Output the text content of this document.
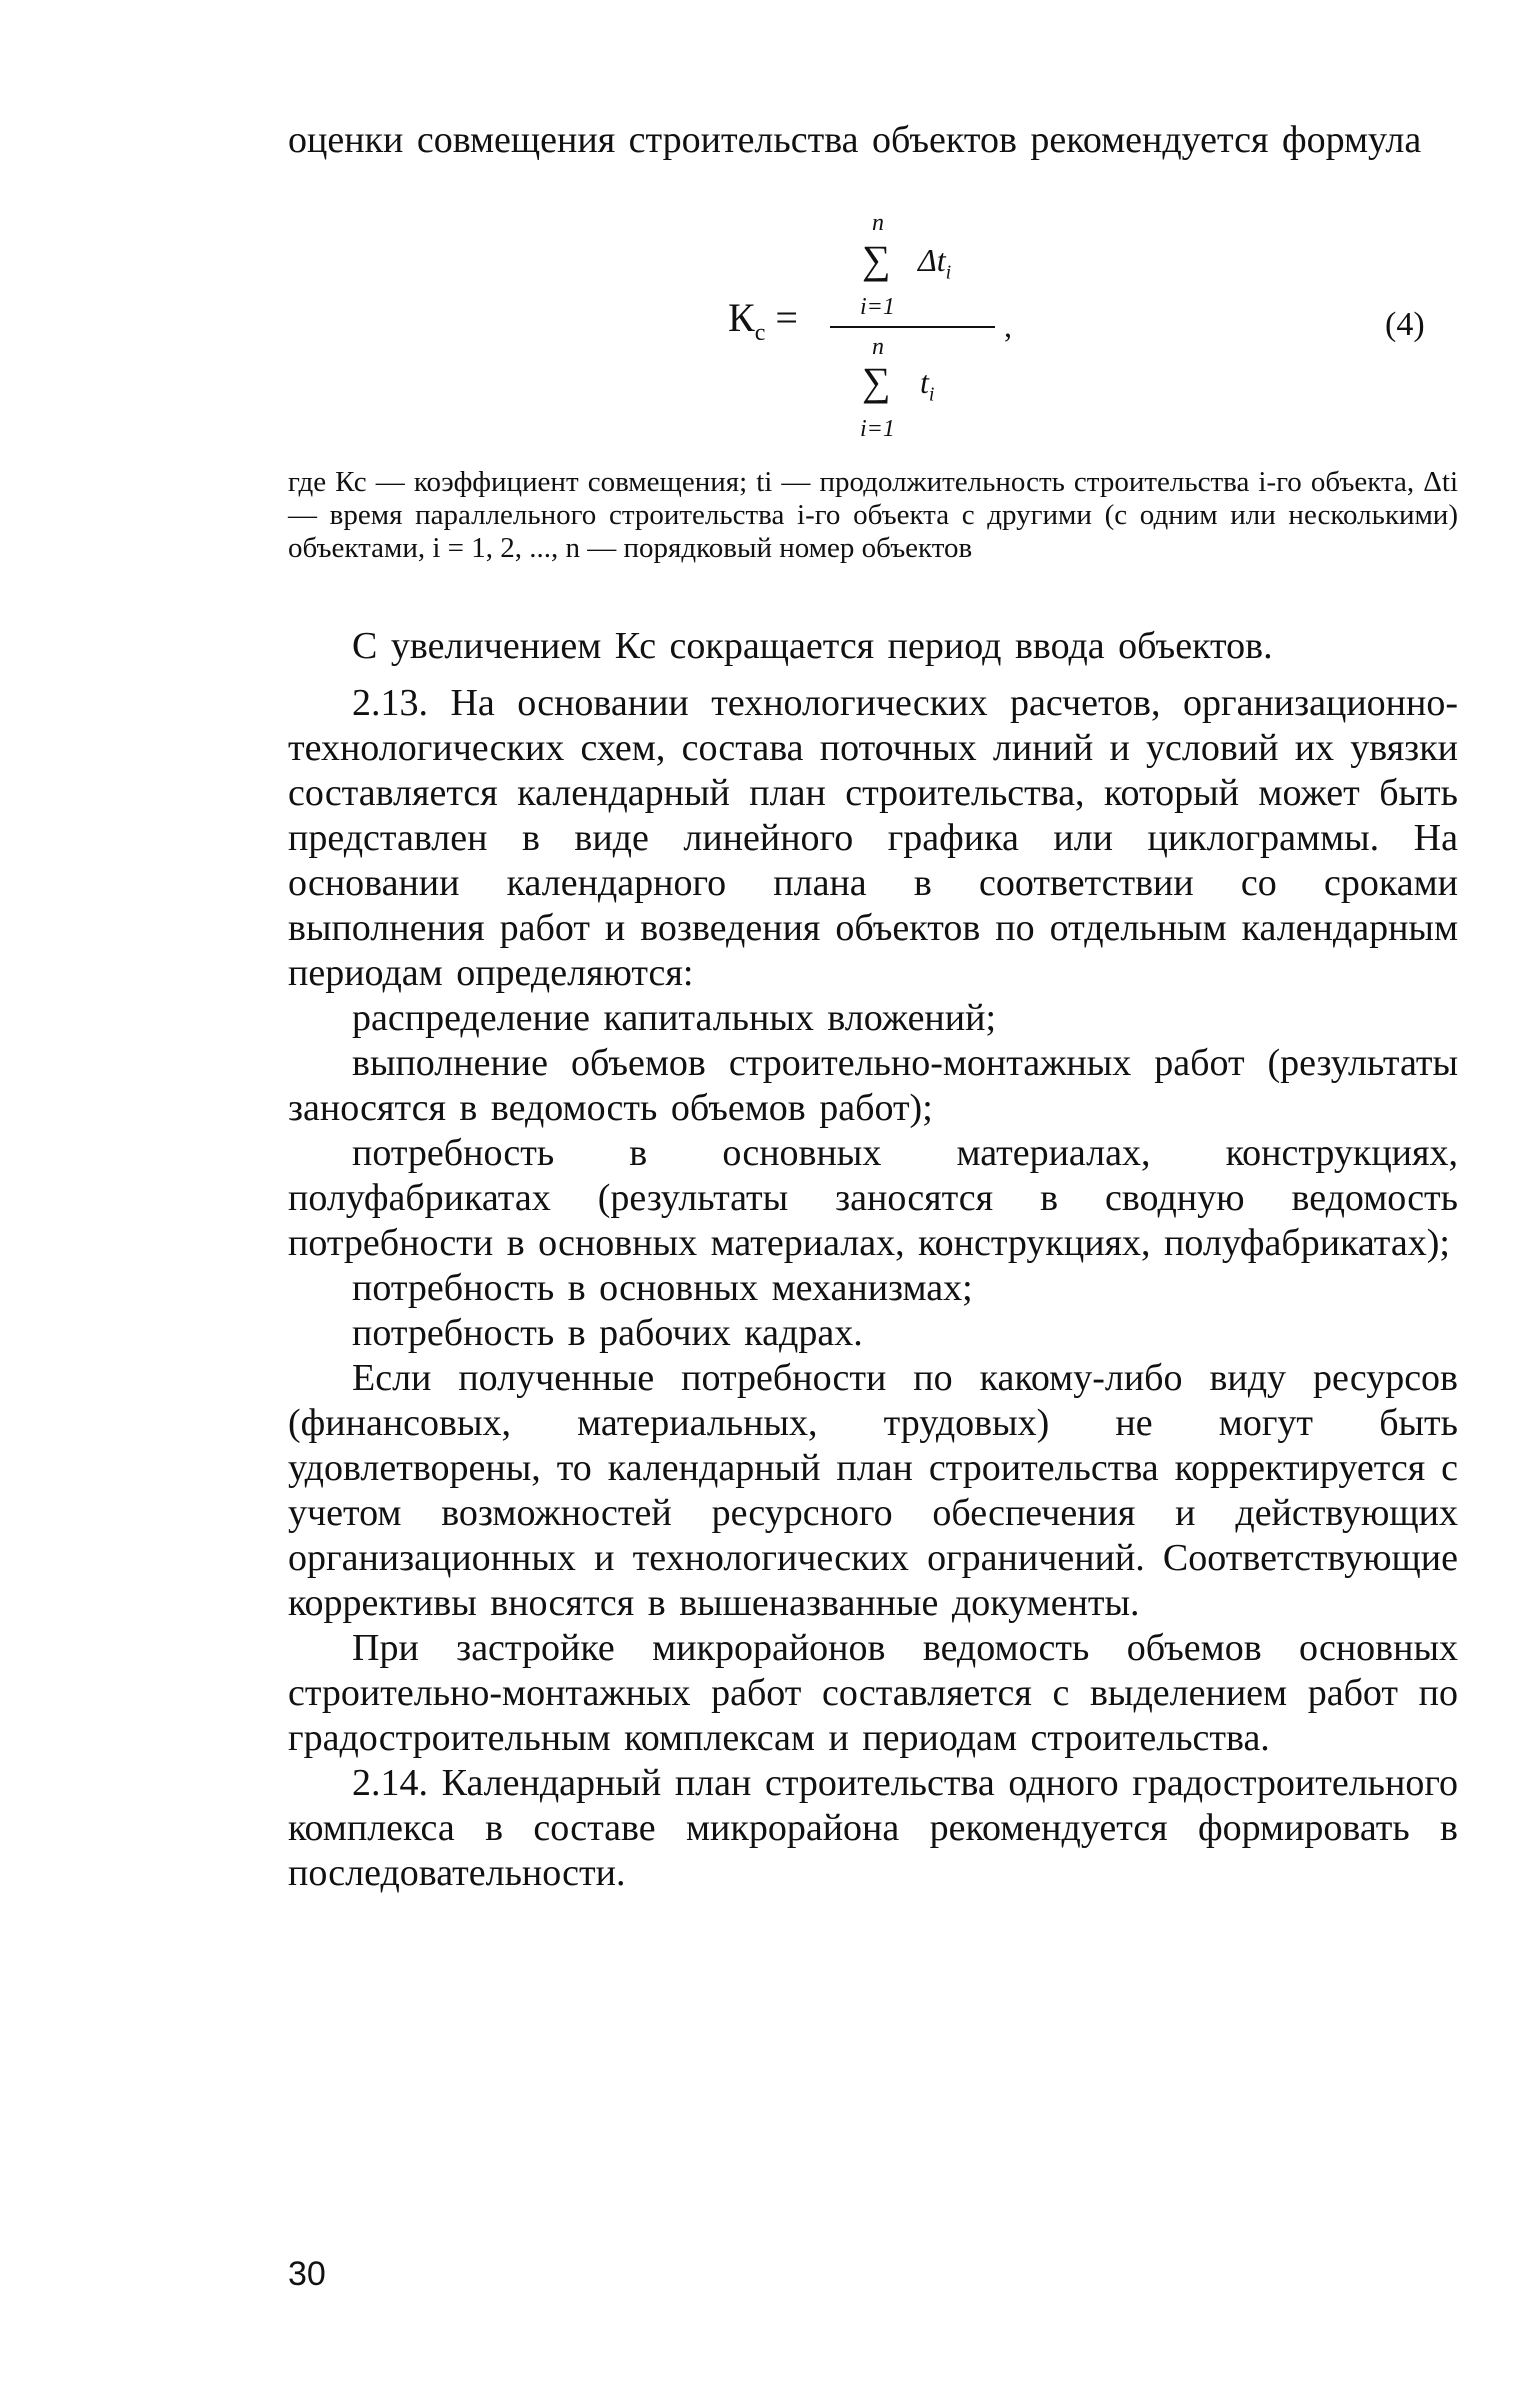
оценки совмещения строительства объектов рекомендуется формула

$К_c$ =
n
∑ $\Delta t_i$
i=1
n
∑ $t_i$
i=1
,	(4)

где Кс — коэффициент совмещения; ti — продолжительность строительства i-го объекта, Δti — время параллельного строительства i-го объекта с другими (с одним или несколькими) объектами, i = 1, 2, ..., n — порядковый номер объектов

С увеличением Кс сокращается период ввода объектов.

2.13. На основании технологических расчетов, организационно-технологических схем, состава поточных линий и условий их увязки составляется календарный план строительства, который может быть представлен в виде линейного графика или циклограммы. На основании календарного плана в соответствии со сроками выполнения работ и возведения объектов по отдельным календарным периодам определяются:

распределение капитальных вложений;

выполнение объемов строительно-монтажных работ (результаты заносятся в ведомость объемов работ);

потребность в основных материалах, конструкциях, полуфабрикатах (результаты заносятся в сводную ведомость потребности в основных материалах, конструкциях, полуфабрикатах);

потребность в основных механизмах;

потребность в рабочих кадрах.

Если полученные потребности по какому-либо виду ресурсов (финансовых, материальных, трудовых) не могут быть удовлетворены, то календарный план строительства корректируется с учетом возможностей ресурсного обеспечения и действующих организационных и технологических ограничений. Соответствующие коррективы вносятся в вышеназванные документы.

При застройке микрорайонов ведомость объемов основных строительно-монтажных работ составляется с выделением работ по градостроительным комплексам и периодам строительства.

2.14. Календарный план строительства одного градостроительного комплекса в составе микрорайона рекомендуется формировать в последовательности.

30
